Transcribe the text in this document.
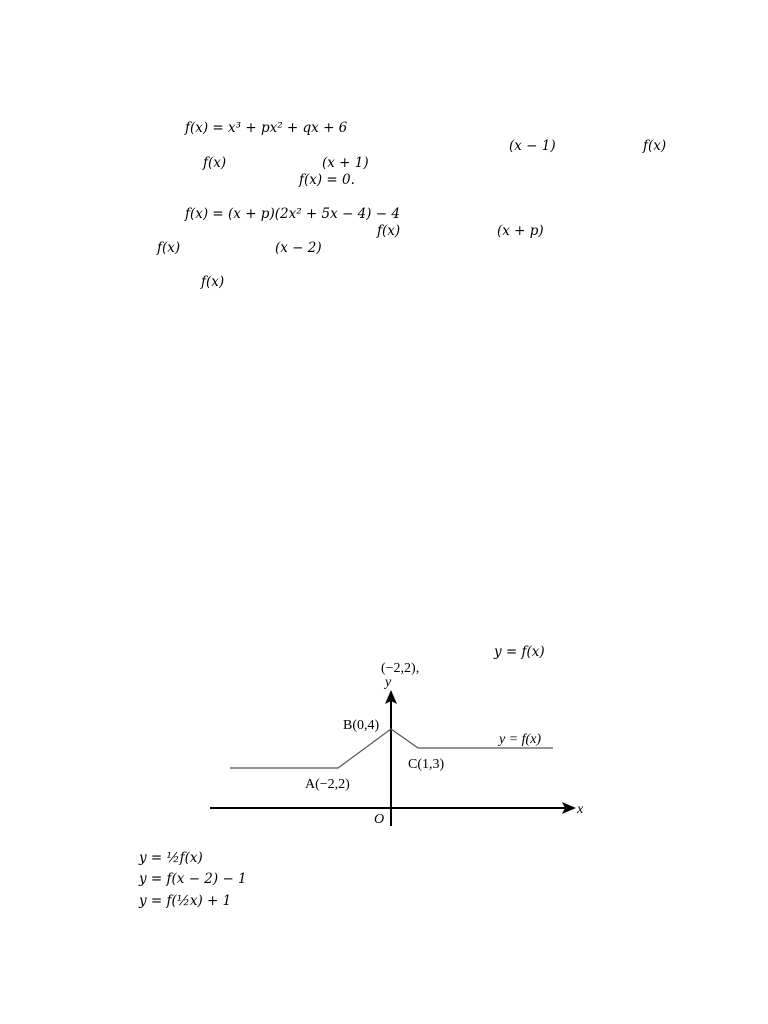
f(x) = x³ + px² + qx + 6
(x − 1)	f(x)
f(x)	(x + 1)
f(x) = 0.
f(x) = (x + p)(2x² + 5x − 4) − 4
f(x)	(x + p)
f(x)	(x − 2)
f(x)
y = f(x)
(−2,2),
y
x
O
B(0,4)
A(−2,2)
C(1,3)
y = f(x)
y = ½f(x)
y = f(x − 2) − 1
y = f(½x) + 1
